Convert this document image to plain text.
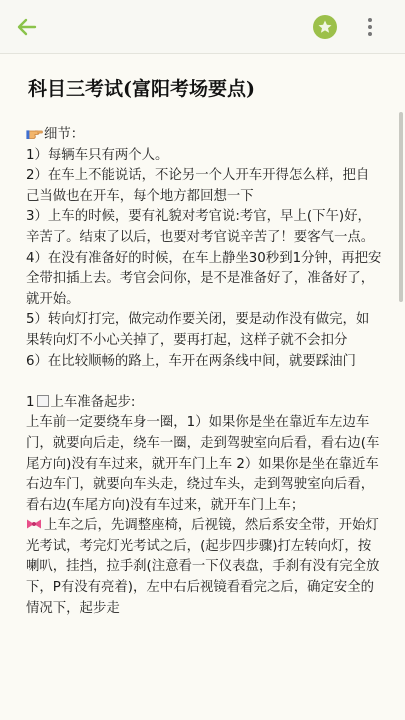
科目三考试(富阳考场要点)
细节：
1）每辆车只有两个人。
2）在车上不能说话，不论另一个人开车开得怎么样，把自己当做也在开车，每个地方都回想一下
3）上车的时候，要有礼貌对考官说:考官，早上(下午)好，辛苦了。结束了以后，也要对考官说辛苦了！要客气一点。
4）在没有准备好的时候，在车上静坐30秒到1分钟，再把安全带扣插上去。考官会问你，是不是准备好了，准备好了，就开始。
5）转向灯打完，做完动作要关闭，要是动作没有做完，如果转向灯不小心关掉了，要再打起，这样子就不会扣分
6）在比较顺畅的路上，车开在两条线中间，就要踩油门
1 上车准备起步:
上车前一定要绕车身一圈，1）如果你是坐在靠近车左边车门，就要向后走，绕车一圈，走到驾驶室向后看，看右边(车尾方向)没有车过来，就开车门上车 2）如果你是坐在靠近车右边车门，就要向车头走，绕过车头，走到驾驶室向后看，看右边(车尾方向)没有车过来，就开车门上车；
上车之后，先调整座椅，后视镜，然后系安全带，开始灯光考试，考完灯光考试之后，(起步四步骤)打左转向灯，按喇叭，挂挡，拉手刹(注意看一下仪表盘，手刹有没有完全放下，P有没有亮着)，左中右后视镜看看完之后，确定安全的情况下，起步走
